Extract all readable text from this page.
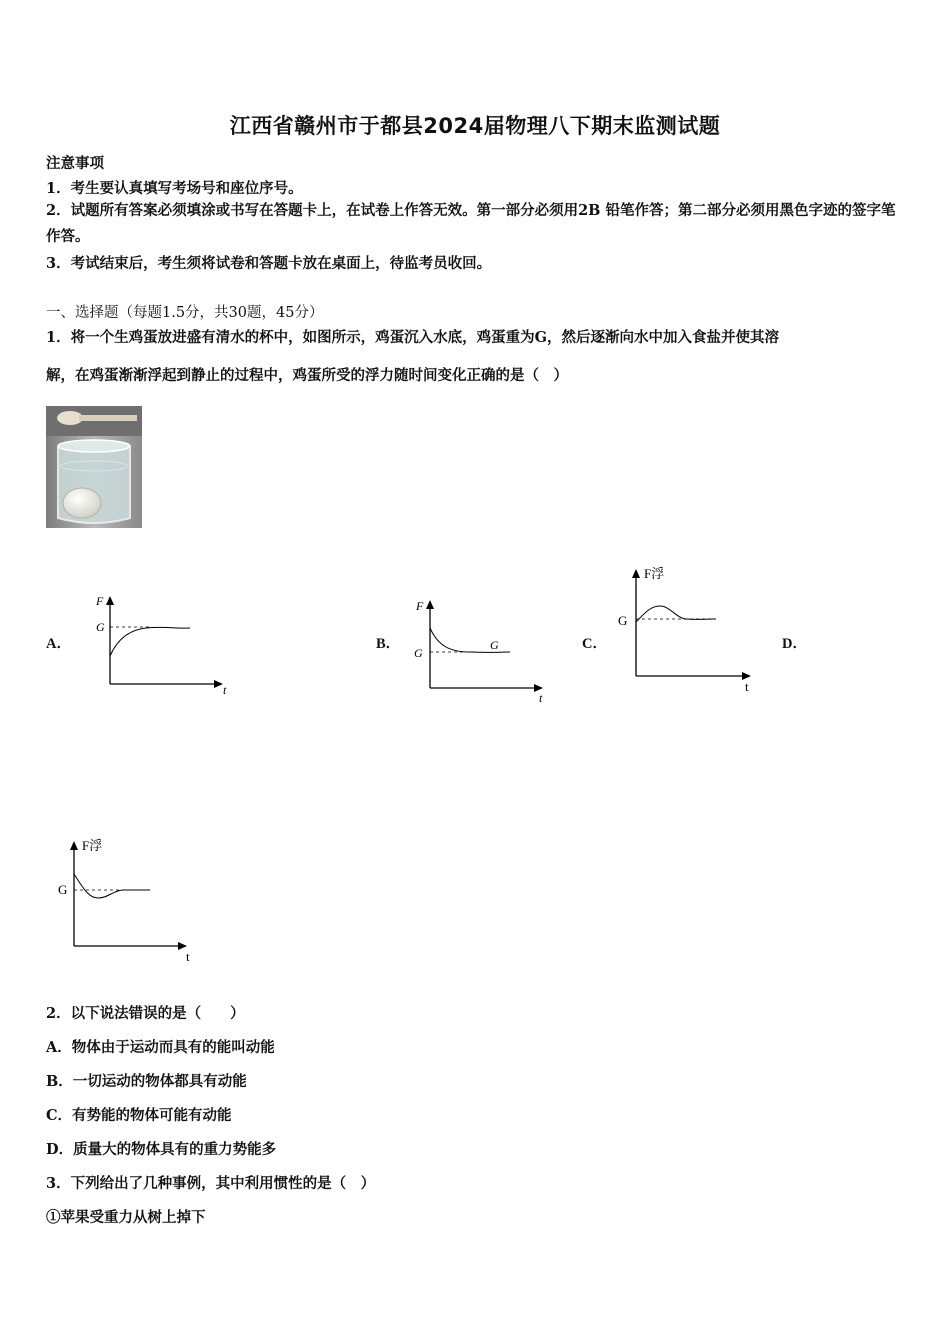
江西省赣州市于都县2024届物理八下期末监测试题
注意事项
1．考生要认真填写考场号和座位序号。
2．试题所有答案必须填涂或书写在答题卡上，在试卷上作答无效。第一部分必须用2B 铅笔作答；第二部分必须用黑色字迹的签字笔作答。
3．考试结束后，考生须将试卷和答题卡放在桌面上，待监考员收回。
一、选择题（每题1.5分，共30题，45分）
1．将一个生鸡蛋放进盛有清水的杯中，如图所示，鸡蛋沉入水底，鸡蛋重为G，然后逐渐向水中加入食盐并使其溶
解，在鸡蛋渐渐浮起到静止的过程中，鸡蛋所受的浮力随时间变化正确的是（　）
A．
F
G
t
B．
F
G
G
t
C．
F浮
G
t
D．
F浮
G
t
2．以下说法错误的是（　　）
A．物体由于运动而具有的能叫动能
B．一切运动的物体都具有动能
C．有势能的物体可能有动能
D．质量大的物体具有的重力势能多
3．下列给出了几种事例，其中利用惯性的是（　）
①苹果受重力从树上掉下
